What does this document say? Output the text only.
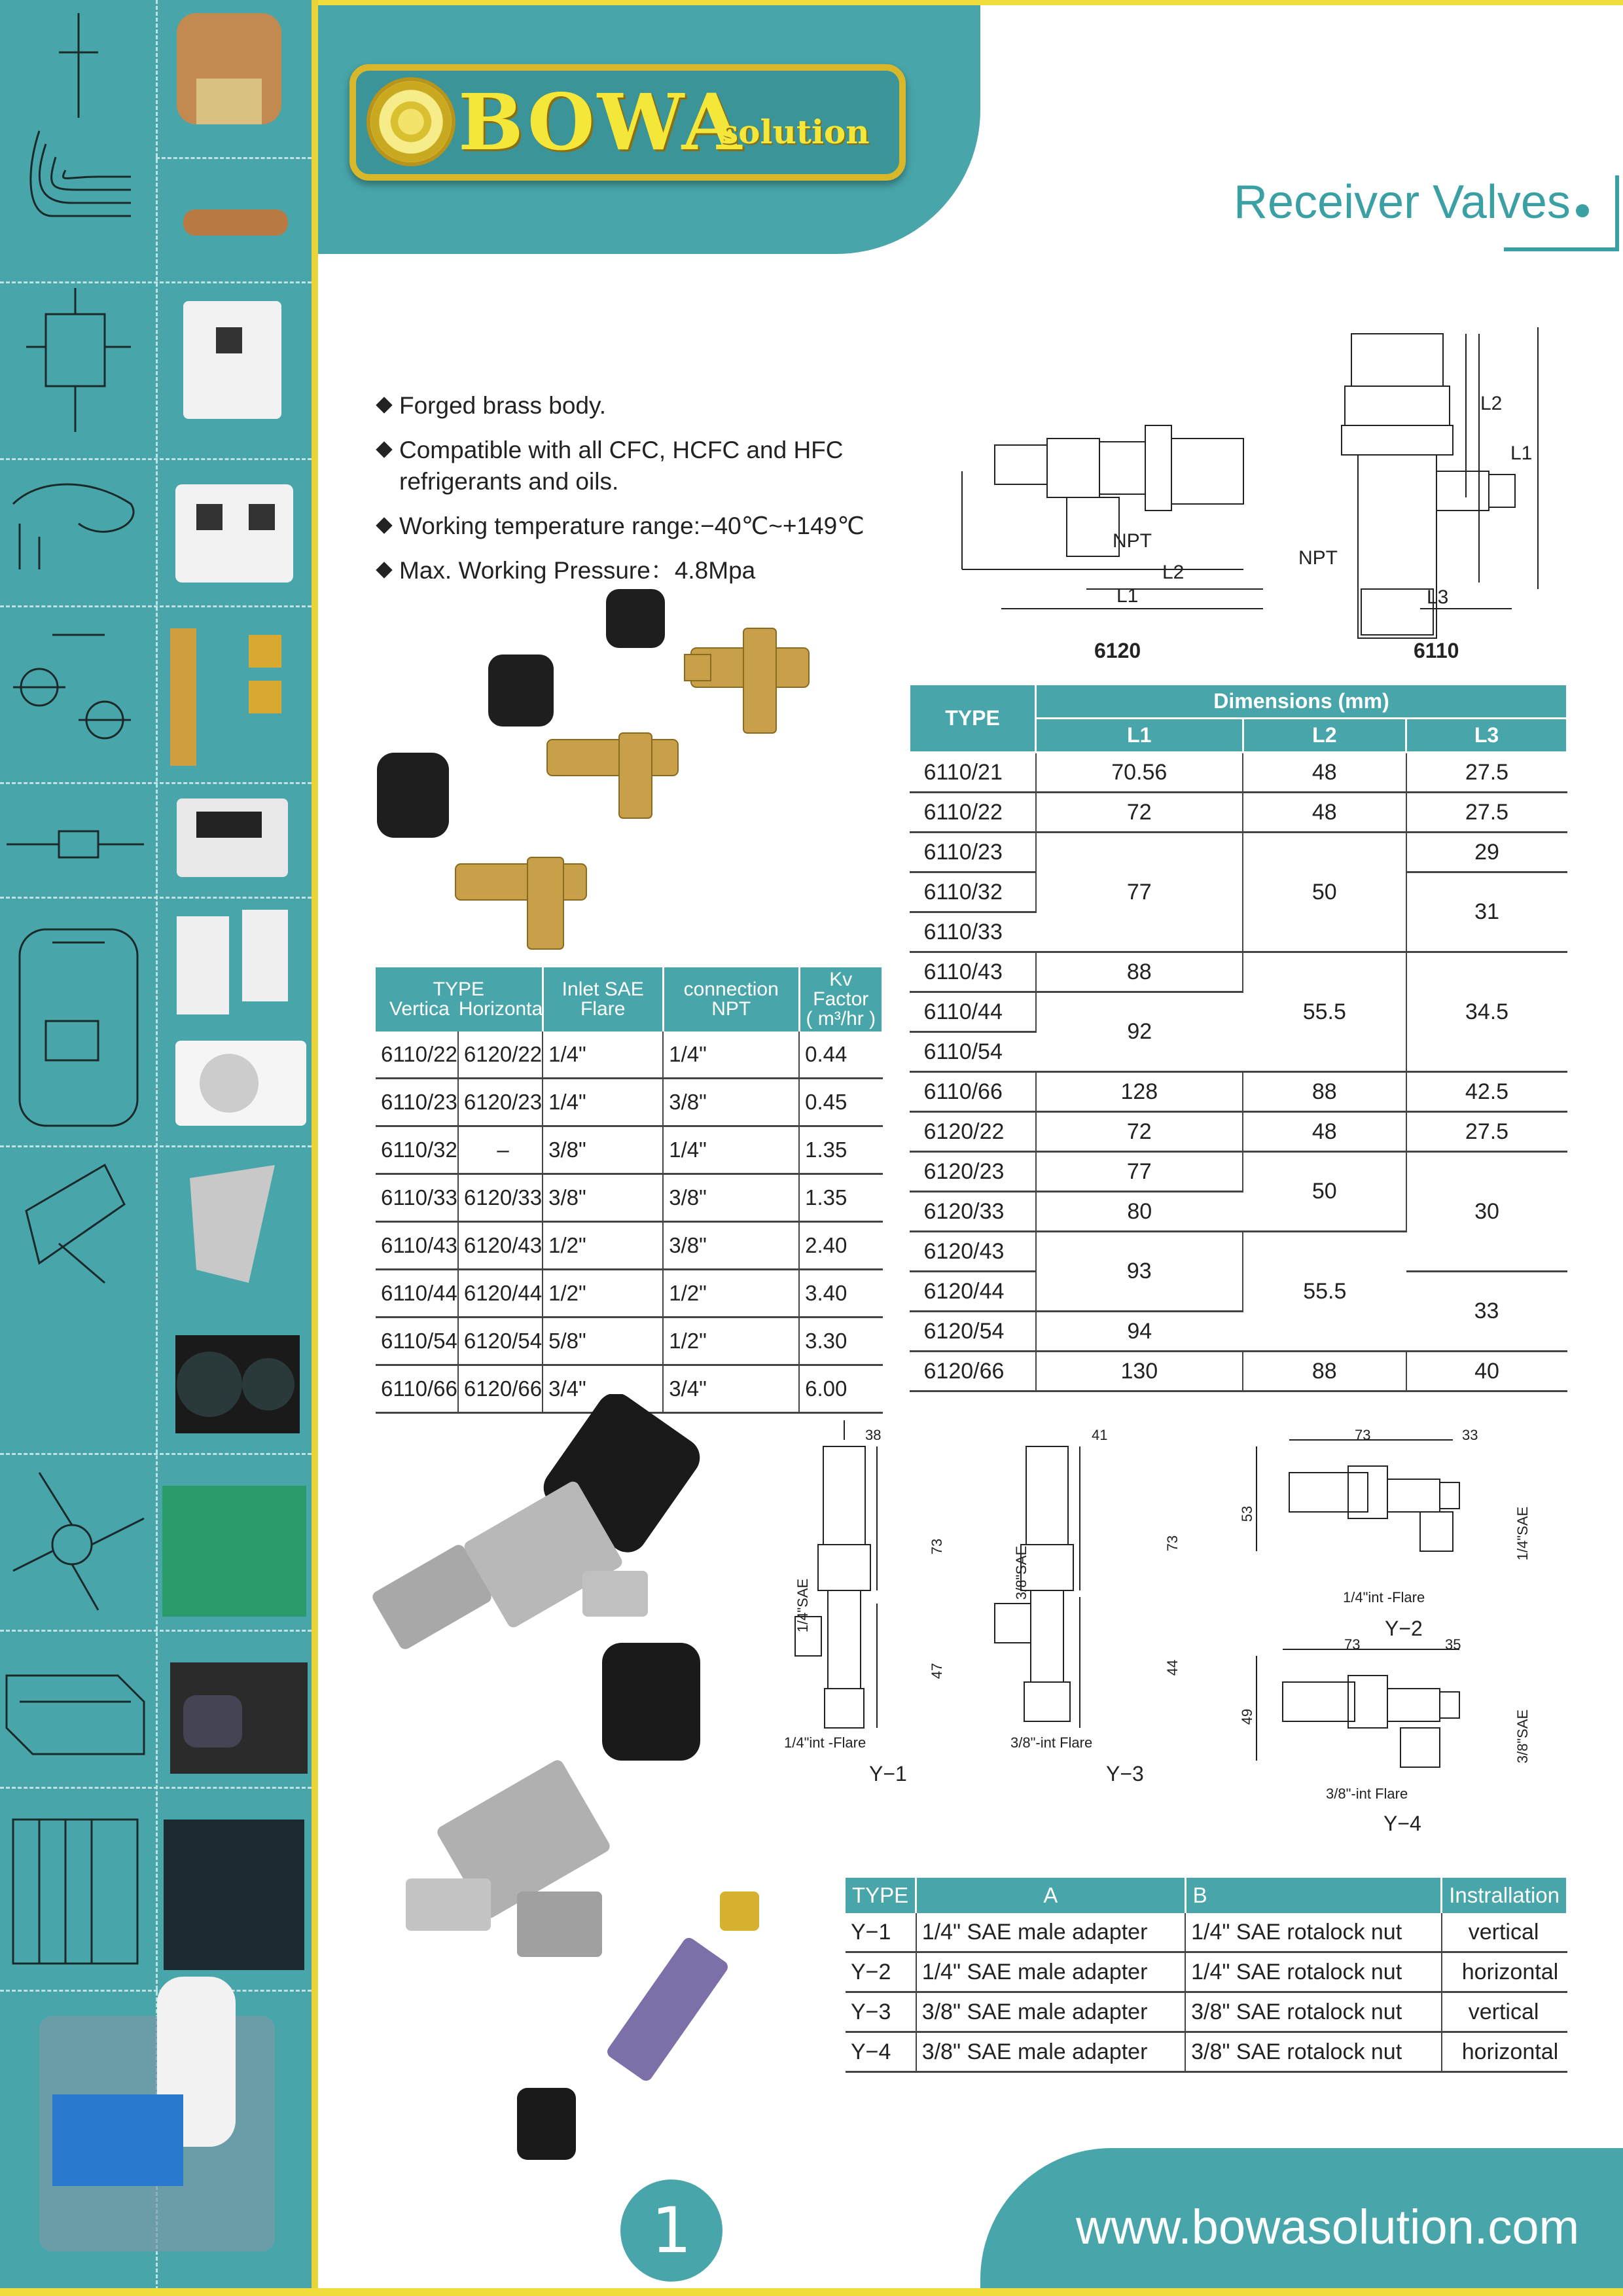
BOWA
solution
Receiver Valves
Forged brass body.
Compatible with all CFC, HCFC and HFC refrigerants and oils.
Working temperature range:−40℃~+149℃
Max. Working Pressure：4.8Mpa
NPT
L2
L1
NPT
L3
L2
L1
6120	6110
TYPE
Vertica Horizonta		Inlet SAE Flare	connection NPT	Kv Factor
( m³/hr )
6110/22	6120/22	1/4"	1/4"	0.44
6110/23	6120/23	1/4"	3/8"	0.45
6110/32	–	3/8"	1/4"	1.35
6110/33	6120/33	3/8"	3/8"	1.35
6110/43	6120/43	1/2"	3/8"	2.40
6110/44	6120/44	1/2"	1/2"	3.40
6110/54	6120/54	5/8"	1/2"	3.30
6110/66	6120/66	3/4"	3/4"	6.00
TYPE	Dimensions (mm)		
	L1	L2	L3
6110/21	70.56	48	27.5
6110/22	72	48	27.5
6110/23	77	50	29
6110/32			31
6110/33			
6110/43	88	55.5	34.5
6110/44	92		
6110/54			
6110/66	128	88	42.5
6120/22	72	48	27.5
6120/23	77	50	30
6120/33	80		
6120/43	93	55.5	
6120/44			33
6120/54	94		
6120/66	130	88	40
38
73
47
1/4"SAE
1/4"int -Flare
Y−1
41
73
44
3/8"SAE
3/8"-int Flare
Y−3
73	33
53	1/4"SAE
1/4"int -Flare
Y−2
73	35
49	3/8"SAE
3/8"-int Flare
Y−4
TYPE	A	B	Instrallation
Y−1	1/4" SAE male adapter	1/4" SAE rotalock nut	vertical
Y−2	1/4" SAE male adapter	1/4" SAE rotalock nut	horizontal
Y−3	3/8" SAE male adapter	3/8" SAE rotalock nut	vertical
Y−4	3/8" SAE male adapter	3/8" SAE rotalock nut	horizontal
1	www.bowasolution.com
